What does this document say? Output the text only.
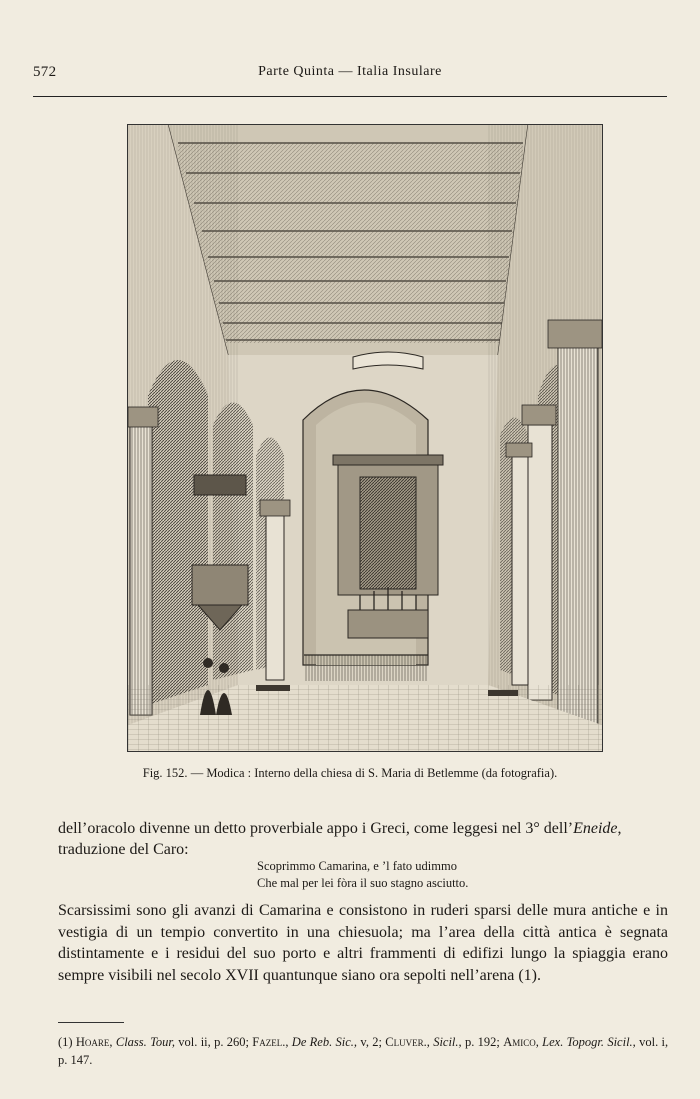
572	Parte Quinta — Italia Insulare
Fig. 152. — Modica : Interno della chiesa di S. Maria di Betlemme (da fotografia).
dell’oracolo divenne un detto proverbiale appo i Greci, come leggesi nel 3° dell’Eneide,
traduzione del Caro:
Scoprimmo Camarina, e ’l fato udimmo
Che mal per lei fòra il suo stagno asciutto.
Scarsissimi sono gli avanzi di Camarina e consistono in ruderi sparsi delle mura antiche e in vestigia di un tempio convertito in una chiesuola; ma l’area della città antica è segnata distintamente e i residui del suo porto e altri frammenti di edifizi lungo la spiaggia erano sempre visibili nel secolo XVII quantunque siano ora sepolti nell’arena (1).
(1) Hoare, Class. Tour, vol. ii, p. 260; Fazel., De Reb. Sic., v, 2; Cluver., Sicil., p. 192; Amico, Lex. Topogr. Sicil., vol. i, p. 147.
